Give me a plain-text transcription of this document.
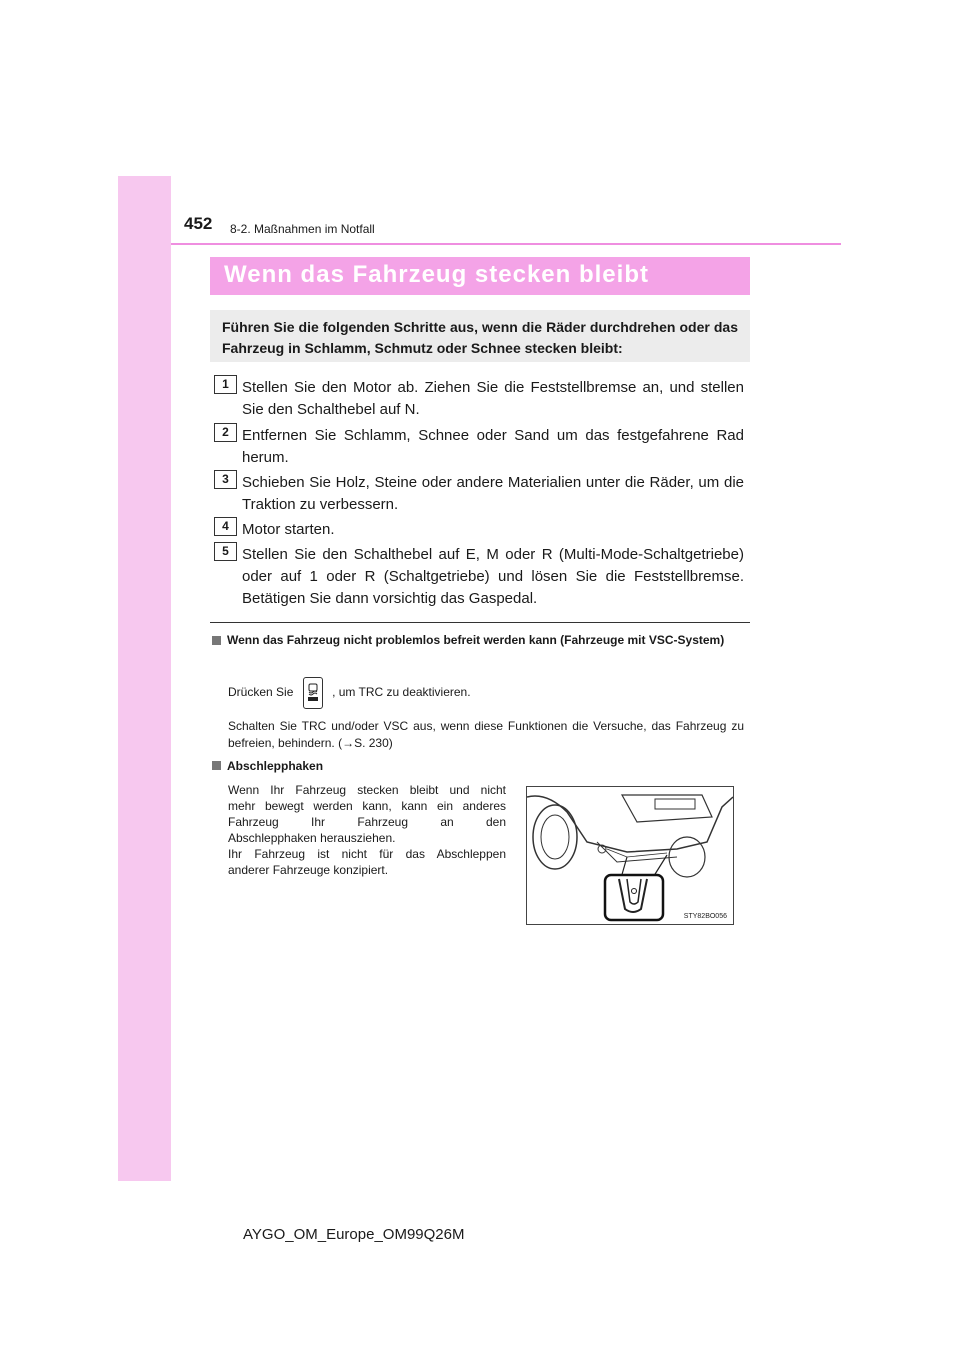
452 8-2. Maßnahmen im Notfall
Wenn das Fahrzeug stecken bleibt
Führen Sie die folgenden Schritte aus, wenn die Räder durchdrehen oder das Fahrzeug in Schlamm, Schmutz oder Schnee stecken bleibt:
1 Stellen Sie den Motor ab. Ziehen Sie die Feststellbremse an, und stellen Sie den Schalthebel auf N.
2 Entfernen Sie Schlamm, Schnee oder Sand um das festgefahrene Rad herum.
3 Schieben Sie Holz, Steine oder andere Materialien unter die Räder, um die Traktion zu verbessern.
4 Motor starten.
5 Stellen Sie den Schalthebel auf E, M oder R (Multi-Mode-Schaltgetriebe) oder auf 1 oder R (Schaltgetriebe) und lösen Sie die Feststellbremse. Betätigen Sie dann vorsichtig das Gaspedal.
Wenn das Fahrzeug nicht problemlos befreit werden kann (Fahrzeuge mit VSC-System)
Drücken Sie	, um TRC zu deaktivieren.
Schalten Sie TRC und/oder VSC aus, wenn diese Funktionen die Versuche, das Fahrzeug zu befreien, behindern. (→S. 230)
Abschlepphaken
Wenn Ihr Fahrzeug stecken bleibt und nicht
mehr bewegt werden kann, kann ein anderes
Fahrzeug Ihr Fahrzeug an den
Abschlepphaken herausziehen.
Ihr Fahrzeug ist nicht für das Abschleppen
anderer Fahrzeuge konzipiert.
STY82BO056
AYGO_OM_Europe_OM99Q26M
